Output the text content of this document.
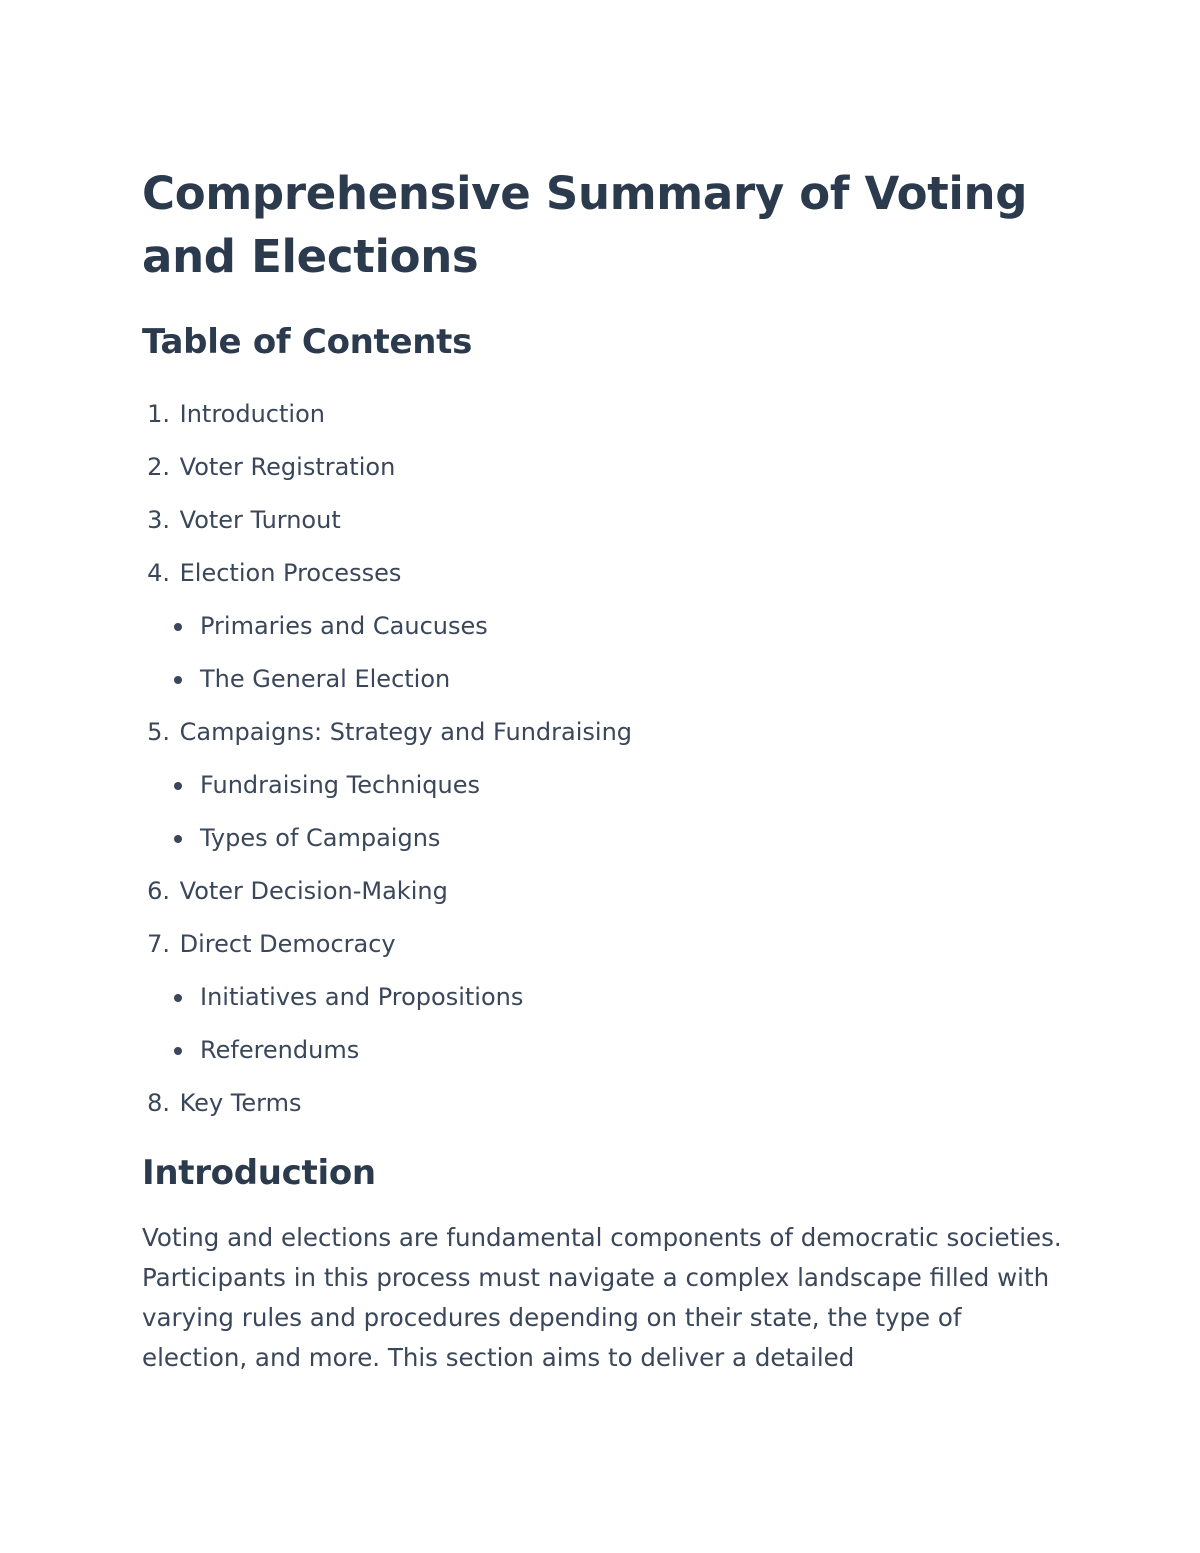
Comprehensive Summary of Voting and Elections
Table of Contents
1. Introduction
2. Voter Registration
3. Voter Turnout
4. Election Processes
Primaries and Caucuses
The General Election
5. Campaigns: Strategy and Fundraising
Fundraising Techniques
Types of Campaigns
6. Voter Decision-Making
7. Direct Democracy
Initiatives and Propositions
Referendums
8. Key Terms
Introduction

Voting and elections are fundamental components of democratic societies. Participants in this process must navigate a complex landscape filled with varying rules and procedures depending on their state, the type of election, and more. This section aims to deliver a detailed
